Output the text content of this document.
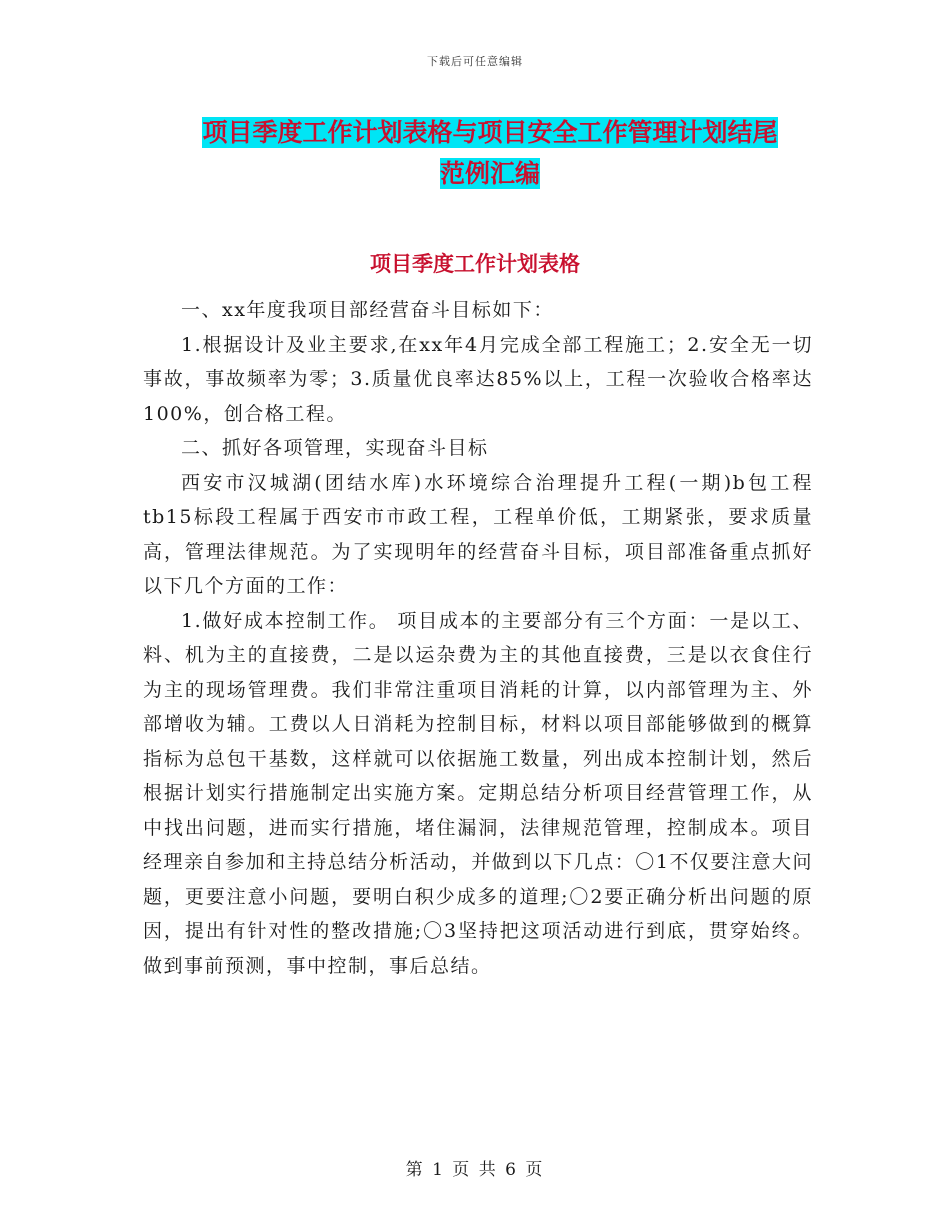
下载后可任意编辑
项目季度工作计划表格与项目安全工作管理计划结尾
范例汇编
项目季度工作计划表格

一、xx年度我项目部经营奋斗目标如下：

1.根据设计及业主要求,在xx年4月完成全部工程施工；2.安全无一切事故，事故频率为零；3.质量优良率达85%以上，工程一次验收合格率达100%，创合格工程。

二、抓好各项管理，实现奋斗目标

西安市汉城湖(团结水库)水环境综合治理提升工程(一期)b包工程tb15标段工程属于西安市市政工程，工程单价低，工期紧张，要求质量高，管理法律规范。为了实现明年的经营奋斗目标，项目部准备重点抓好以下几个方面的工作：

1.做好成本控制工作。 项目成本的主要部分有三个方面：一是以工、料、机为主的直接费，二是以运杂费为主的其他直接费，三是以衣食住行为主的现场管理费。我们非常注重项目消耗的计算，以内部管理为主、外部增收为辅。工费以人日消耗为控制目标，材料以项目部能够做到的概算指标为总包干基数，这样就可以依据施工数量，列出成本控制计划，然后根据计划实行措施制定出实施方案。定期总结分析项目经营管理工作，从中找出问题，进而实行措施，堵住漏洞，法律规范管理，控制成本。项目经理亲自参加和主持总结分析活动，并做到以下几点：〇1不仅要注意大问题，更要注意小问题，要明白积少成多的道理;〇2要正确分析出问题的原因，提出有针对性的整改措施;〇3坚持把这项活动进行到底，贯穿始终。做到事前预测，事中控制，事后总结。

第 1 页 共 6 页
